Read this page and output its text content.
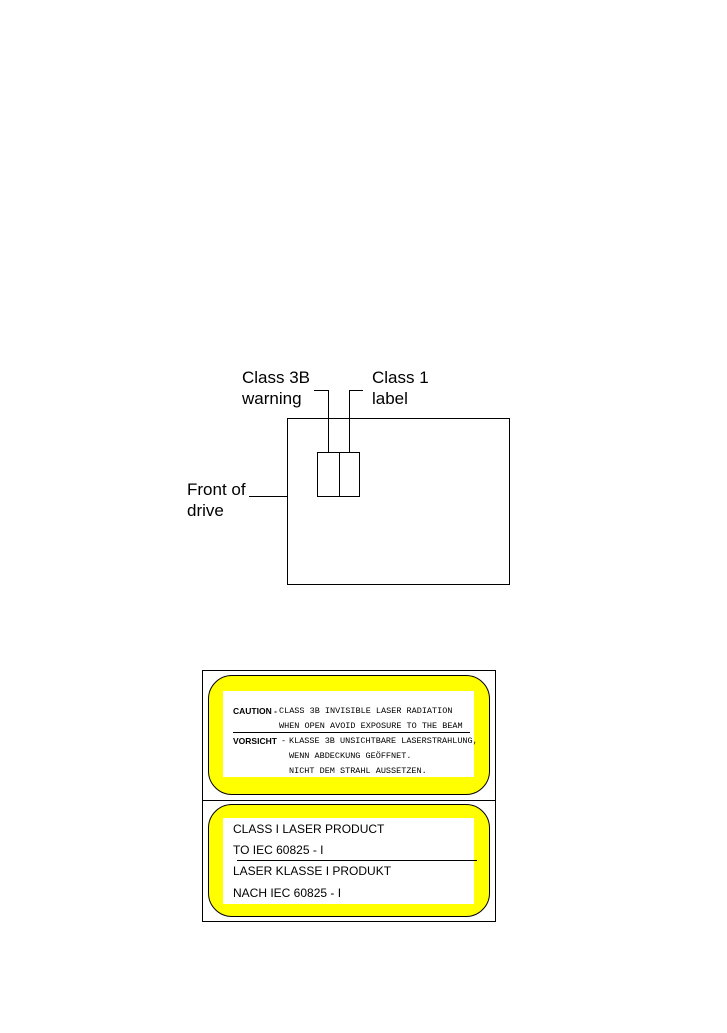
Class 3B
warning
Class 1
label
Front of
drive
CAUTION - CLASS 3B INVISIBLE LASER RADIATION
WHEN OPEN AVOID EXPOSURE TO THE BEAM
VORSICHT - KLASSE 3B UNSICHTBARE LASERSTRAHLUNG,
WENN ABDECKUNG GEÖFFNET.
NICHT DEM STRAHL AUSSETZEN.
CLASS I LASER PRODUCT
TO IEC 60825 - I
LASER KLASSE I PRODUKT
NACH IEC 60825 - I
